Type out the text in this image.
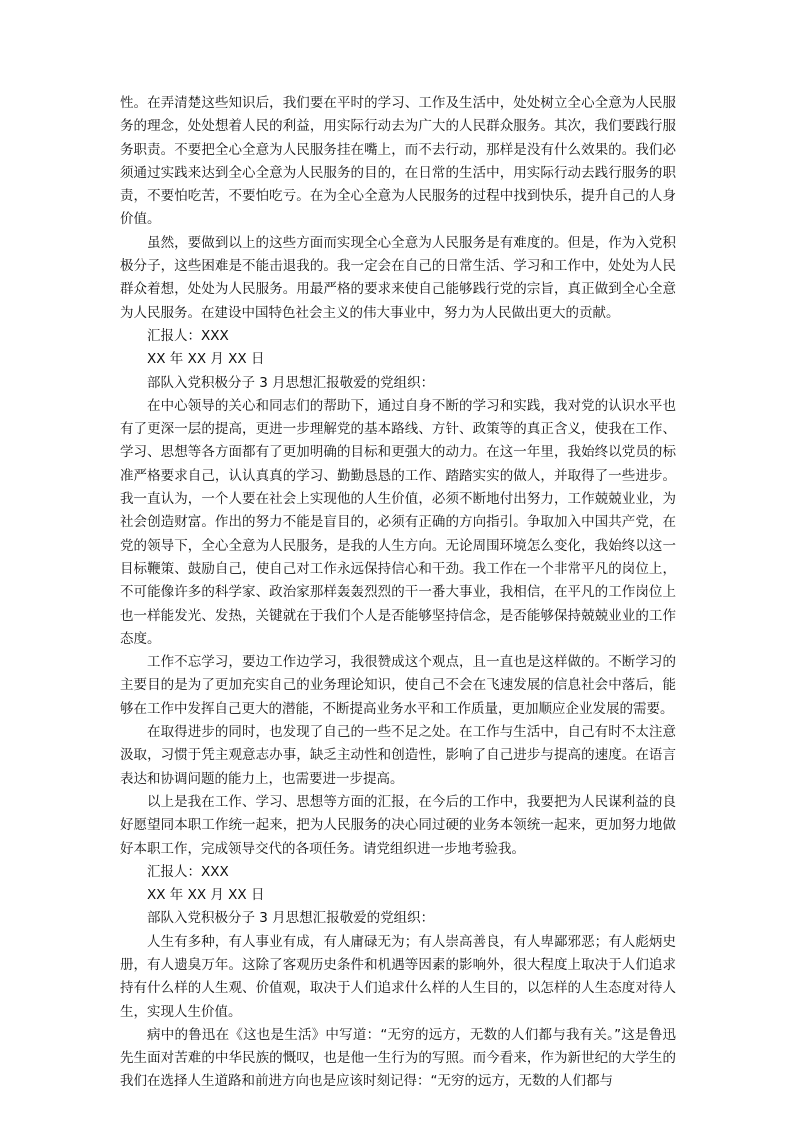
性。在弄清楚这些知识后，我们要在平时的学习、工作及生活中，处处树立全心全意为人民服务的理念，处处想着人民的利益，用实际行动去为广大的人民群众服务。其次，我们要践行服务职责。不要把全心全意为人民服务挂在嘴上，而不去行动，那样是没有什么效果的。我们必须通过实践来达到全心全意为人民服务的目的，在日常的生活中，用实际行动去践行服务的职责，不要怕吃苦，不要怕吃亏。在为全心全意为人民服务的过程中找到快乐，提升自己的人身价值。

虽然，要做到以上的这些方面而实现全心全意为人民服务是有难度的。但是，作为入党积极分子，这些困难是不能击退我的。我一定会在自己的日常生活、学习和工作中，处处为人民群众着想，处处为人民服务。用最严格的要求来使自己能够践行党的宗旨，真正做到全心全意为人民服务。在建设中国特色社会主义的伟大事业中，努力为人民做出更大的贡献。

汇报人：XXX

XX 年 XX 月 XX 日

部队入党积极分子 3 月思想汇报敬爱的党组织：

在中心领导的关心和同志们的帮助下，通过自身不断的学习和实践，我对党的认识水平也有了更深一层的提高，更进一步理解党的基本路线、方针、政策等的真正含义，使我在工作、学习、思想等各方面都有了更加明确的目标和更强大的动力。在这一年里，我始终以党员的标准严格要求自己，认认真真的学习、勤勤恳恳的工作、踏踏实实的做人，并取得了一些进步。 我一直认为，一个人要在社会上实现他的人生价值，必须不断地付出努力，工作兢兢业业，为社会创造财富。作出的努力不能是盲目的，必须有正确的方向指引。争取加入中国共产党，在党的领导下，全心全意为人民服务，是我的人生方向。无论周围环境怎么变化，我始终以这一目标鞭策、鼓励自己，使自己对工作永远保持信心和干劲。我工作在一个非常平凡的岗位上，不可能像许多的科学家、政治家那样轰轰烈烈的干一番大事业，我相信，在平凡的工作岗位上也一样能发光、发热，关键就在于我们个人是否能够坚持信念，是否能够保持兢兢业业的工作态度。

工作不忘学习，要边工作边学习，我很赞成这个观点，且一直也是这样做的。不断学习的主要目的是为了更加充实自己的业务理论知识，使自己不会在飞速发展的信息社会中落后，能够在工作中发挥自己更大的潜能，不断提高业务水平和工作质量，更加顺应企业发展的需要。

在取得进步的同时，也发现了自己的一些不足之处。在工作与生活中，自己有时不太注意汲取，习惯于凭主观意志办事，缺乏主动性和创造性，影响了自己进步与提高的速度。在语言表达和协调问题的能力上，也需要进一步提高。

以上是我在工作、学习、思想等方面的汇报，在今后的工作中，我要把为人民谋利益的良好愿望同本职工作统一起来，把为人民服务的决心同过硬的业务本领统一起来，更加努力地做好本职工作，完成领导交代的各项任务。请党组织进一步地考验我。

汇报人：XXX

XX 年 XX 月 XX 日

部队入党积极分子 3 月思想汇报敬爱的党组织：

人生有多种，有人事业有成，有人庸碌无为；有人崇高善良，有人卑鄙邪恶；有人彪炳史册，有人遗臭万年。这除了客观历史条件和机遇等因素的影响外，很大程度上取决于人们追求持有什么样的人生观、价值观，取决于人们追求什么样的人生目的，以怎样的人生态度对待人生，实现人生价值。

病中的鲁迅在《这也是生活》中写道：“无穷的远方，无数的人们都与我有关。”这是鲁迅先生面对苦难的中华民族的慨叹，也是他一生行为的写照。而今看来，作为新世纪的大学生的我们在选择人生道路和前进方向也是应该时刻记得：“无穷的远方，无数的人们都与
